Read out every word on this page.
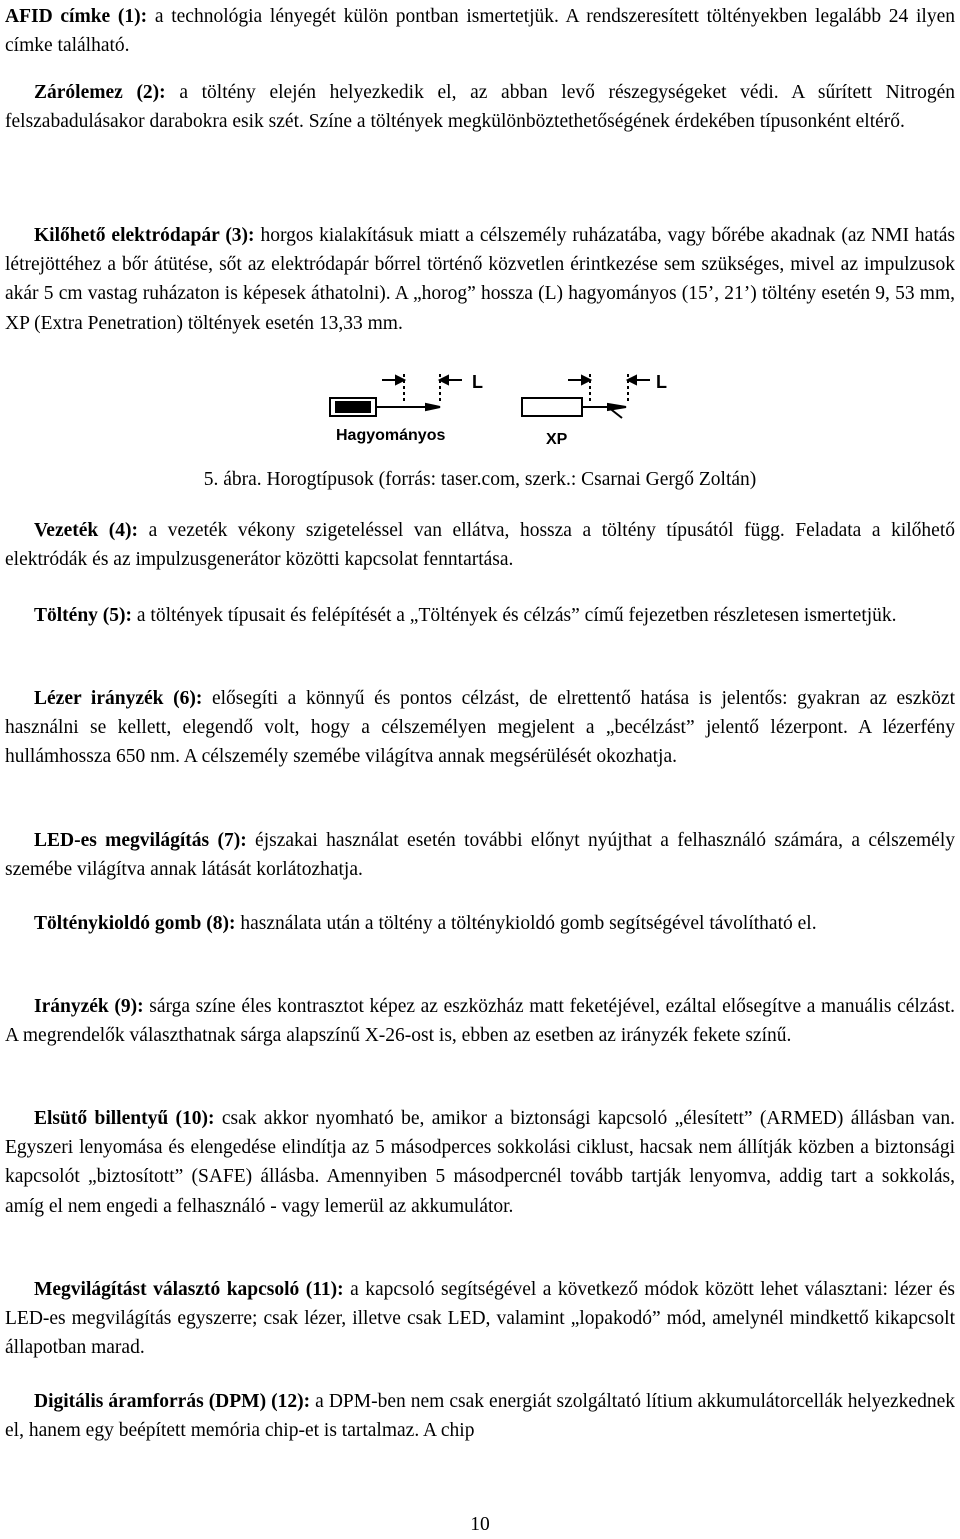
AFID címke (1): a technológia lényegét külön pontban ismertetjük. A rendszeresített töltényekben legalább 24 ilyen címke található.

Zárólemez (2): a töltény elején helyezkedik el, az abban levő részegységeket védi. A sűrített Nitrogén felszabadulásakor darabokra esik szét. Színe a töltények megkülönböztethetőségének érdekében típusonként eltérő.

Kilőhető elektródapár (3): horgos kialakításuk miatt a célszemély ruházatába, vagy bőrébe akadnak (az NMI hatás létrejöttéhez a bőr átütése, sőt az elektródapár bőrrel történő közvetlen érintkezése sem szükséges, mivel az impulzusok akár 5 cm vastag ruházaton is képesek áthatolni). A „horog” hossza (L) hagyományos (15’, 21’) töltény esetén 9, 53 mm, XP (Extra Penetration) töltények esetén 13,33 mm.

L	L
Hagyományos	XP
5. ábra. Horogtípusok (forrás: taser.com, szerk.: Csarnai Gergő Zoltán)

Vezeték (4): a vezeték vékony szigeteléssel van ellátva, hossza a töltény típusától függ. Feladata a kilőhető elektródák és az impulzusgenerátor közötti kapcsolat fenntartása.

Töltény (5): a töltények típusait és felépítését a „Töltények és célzás” című fejezetben részletesen ismertetjük.

Lézer irányzék (6): elősegíti a könnyű és pontos célzást, de elrettentő hatása is jelentős: gyakran az eszközt használni se kellett, elegendő volt, hogy a célszemélyen megjelent a „becélzást” jelentő lézerpont. A lézerfény hullámhossza 650 nm. A célszemély szemébe világítva annak megsérülését okozhatja.

LED-es megvilágítás (7): éjszakai használat esetén további előnyt nyújthat a felhasználó számára, a célszemély szemébe világítva annak látását korlátozhatja.

Tölténykioldó gomb (8): használata után a töltény a tölténykioldó gomb segítségével távolítható el.

Irányzék (9): sárga színe éles kontrasztot képez az eszközház matt feketéjével, ezáltal elősegítve a manuális célzást. A megrendelők választhatnak sárga alapszínű X-26-ost is, ebben az esetben az irányzék fekete színű.

Elsütő billentyű (10): csak akkor nyomható be, amikor a biztonsági kapcsoló „élesített” (ARMED) állásban van. Egyszeri lenyomása és elengedése elindítja az 5 másodperces sokkolási ciklust, hacsak nem állítják közben a biztonsági kapcsolót „biztosított” (SAFE) állásba. Amennyiben 5 másodpercnél tovább tartják lenyomva, addig tart a sokkolás, amíg el nem engedi a felhasználó - vagy lemerül az akkumulátor.

Megvilágítást választó kapcsoló (11): a kapcsoló segítségével a következő módok között lehet választani: lézer és LED-es megvilágítás egyszerre; csak lézer, illetve csak LED, valamint „lopakodó” mód, amelynél mindkettő kikapcsolt állapotban marad.

Digitális áramforrás (DPM) (12): a DPM-ben nem csak energiát szolgáltató lítium akkumulátorcellák helyezkednek el, hanem egy beépített memória chip-et is tartalmaz. A chip

10
